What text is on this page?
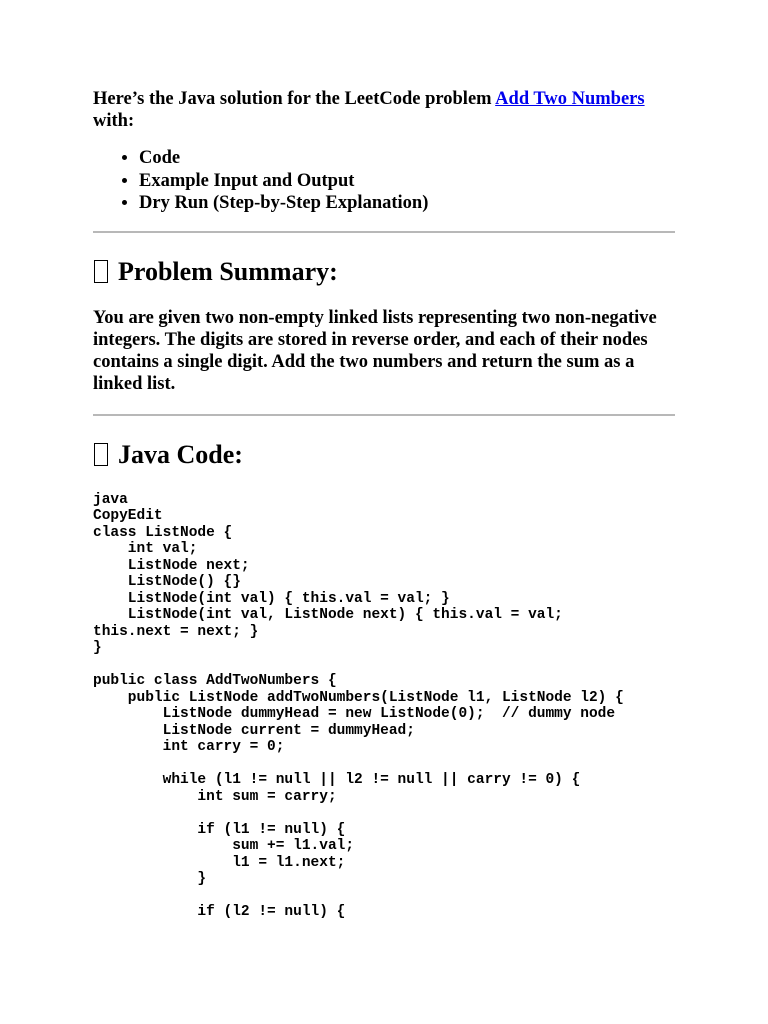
Here’s the Java solution for the LeetCode problem Add Two Numbers with:

• Code
• Example Input and Output
• Dry Run (Step-by-Step Explanation)
Problem Summary:

You are given two non-empty linked lists representing two non-negative integers. The digits are stored in reverse order, and each of their nodes contains a single digit. Add the two numbers and return the sum as a linked list.

Java Code:
java
CopyEdit
class ListNode {
int val;
ListNode next;
ListNode() {}
ListNode(int val) { this.val = val; }
ListNode(int val, ListNode next) { this.val = val;
this.next = next; }
}

public class AddTwoNumbers {
public ListNode addTwoNumbers(ListNode l1, ListNode l2) {
ListNode dummyHead = new ListNode(0);  // dummy node
ListNode current = dummyHead;
int carry = 0;

while (l1 != null || l2 != null || carry != 0) {
int sum = carry;

if (l1 != null) {
sum += l1.val;
l1 = l1.next;
}

if (l2 != null) {
